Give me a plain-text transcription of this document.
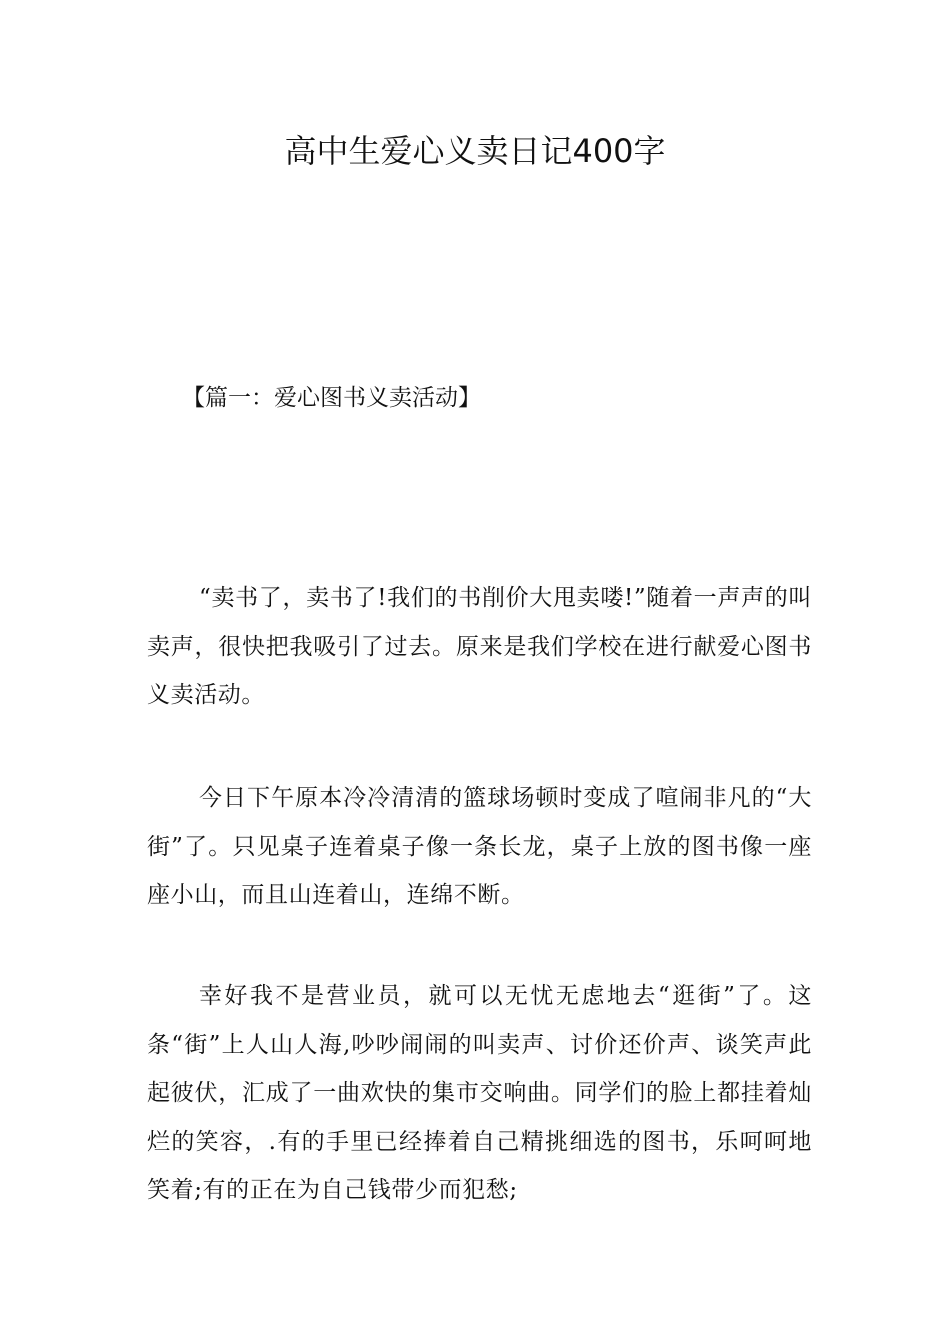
高中生爱心义卖日记400字
【篇一：爱心图书义卖活动】

“卖书了，卖书了!我们的书削价大甩卖喽!”随着一声声的叫卖声，很快把我吸引了过去。原来是我们学校在进行献爱心图书义卖活动。

今日下午原本冷冷清清的篮球场顿时变成了喧闹非凡的“大街”了。只见桌子连着桌子像一条长龙，桌子上放的图书像一座座小山，而且山连着山，连绵不断。

幸好我不是营业员，就可以无忧无虑地去“逛街”了。这条“街”上人山人海,吵吵闹闹的叫卖声、讨价还价声、谈笑声此起彼伏，汇成了一曲欢快的集市交响曲。同学们的脸上都挂着灿烂的笑容，.有的手里已经捧着自己精挑细选的图书，乐呵呵地笑着;有的正在为自己钱带少而犯愁;
